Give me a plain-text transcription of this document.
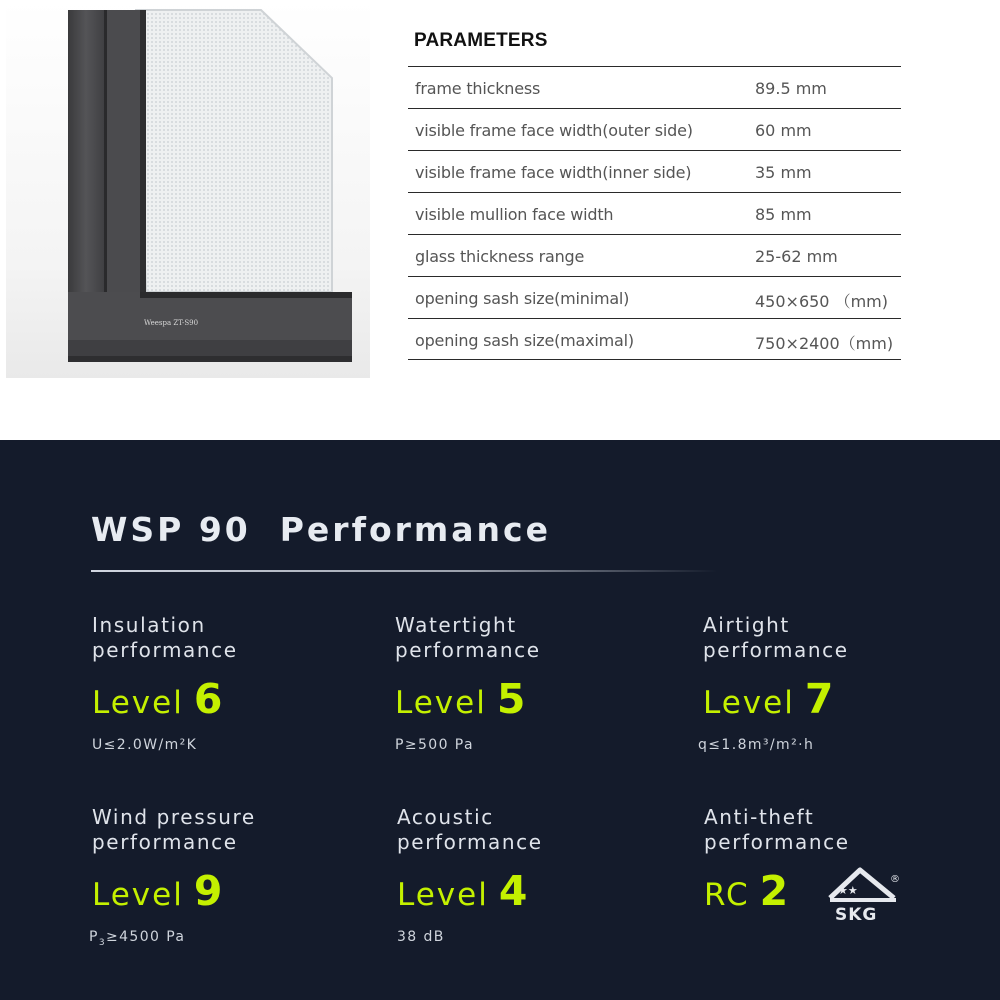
Weespa ZT-S90
PARAMETERS
frame thickness	89.5 mm
visible frame face width(outer side)	60 mm
visible frame face width(inner side)	35 mm
visible mullion face width	85 mm
glass thickness range	25-62 mm
opening sash size(minimal)	450×650 （mm)
opening sash size(maximal)	750×2400（mm)
WSP 90  Performance
Insulation
performance
Level 6
U≤2.0W/m²K
Watertight
performance
Level 5
P≥500 Pa
Airtight
performance
Level 7
q≤1.8m³/m²·h
Wind pressure
performance
Level 9
$P_3\ge 4500$ Pa
Acoustic
performance
Level 4
38 dB
Anti-theft
performance
RC 2	★★
®
SKG
